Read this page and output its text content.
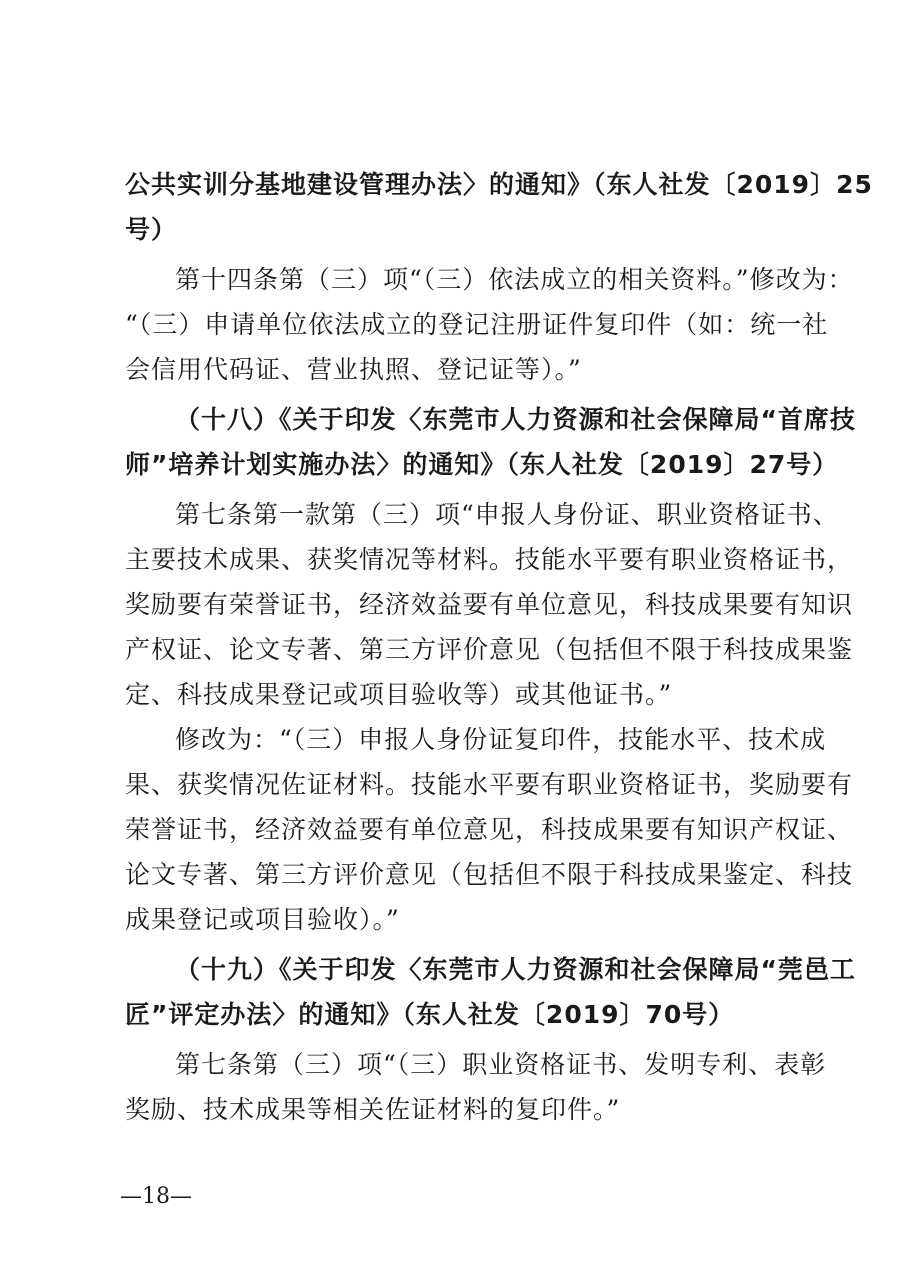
公共实训分基地建设管理办法〉的通知》（东人社发〔2019〕25
号）
第十四条第（三）项“（三）依法成立的相关资料。”修改为：
“（三）申请单位依法成立的登记注册证件复印件（如：统一社
会信用代码证、营业执照、登记证等）。”
（十八）《关于印发〈东莞市人力资源和社会保障局“首席技
师”培养计划实施办法〉的通知》（东人社发〔2019〕27号）
第七条第一款第（三）项“申报人身份证、职业资格证书、
主要技术成果、获奖情况等材料。技能水平要有职业资格证书，
奖励要有荣誉证书，经济效益要有单位意见，科技成果要有知识
产权证、论文专著、第三方评价意见（包括但不限于科技成果鉴
定、科技成果登记或项目验收等）或其他证书。”
修改为：“（三）申报人身份证复印件，技能水平、技术成
果、获奖情况佐证材料。技能水平要有职业资格证书，奖励要有
荣誉证书，经济效益要有单位意见，科技成果要有知识产权证、
论文专著、第三方评价意见（包括但不限于科技成果鉴定、科技
成果登记或项目验收）。”
（十九）《关于印发〈东莞市人力资源和社会保障局“莞邑工
匠”评定办法〉的通知》（东人社发〔2019〕70号）
第七条第（三）项“（三）职业资格证书、发明专利、表彰
奖励、技术成果等相关佐证材料的复印件。”
—18—
